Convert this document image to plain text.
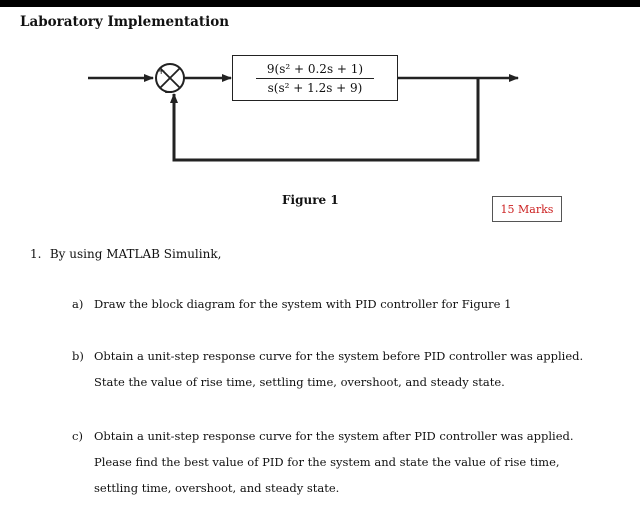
Laboratory Implementation
+
−
9(s² + 0.2s + 1)
s(s² + 1.2s + 9)
Figure 1
15 Marks
1. By using MATLAB Simulink,
a) Draw the block diagram for the system with PID controller for Figure 1
b) Obtain a unit-step response curve for the system before PID controller was applied.
State the value of rise time, settling time, overshoot, and steady state.
c) Obtain a unit-step response curve for the system after PID controller was applied.
Please find the best value of PID for the system and state the value of rise time,
settling time, overshoot, and steady state.
